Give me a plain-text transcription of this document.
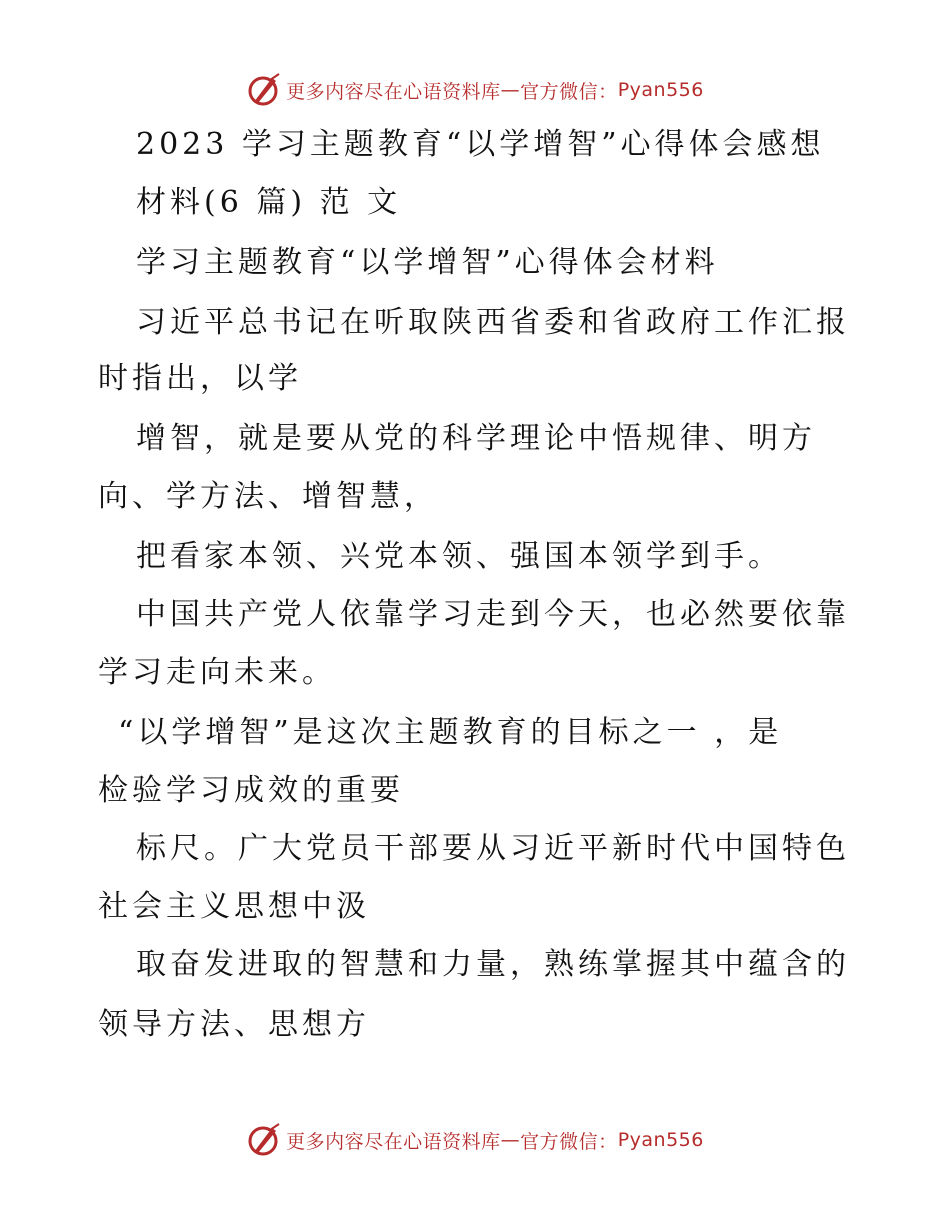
更多内容尽在心语资料库 — 官方微信： Pyan556
2023 学习主题教育“以学增智”心得体会感想
材料(6 篇) 范 文
学习主题教育“以学增智”心得体会材料
习近平总书记在听取陕西省委和省政府工作汇报
时指出，以学
增智，就是要从党的科学理论中悟规律、明方
向、学方法、增智慧，
把看家本领、兴党本领、强国本领学到手。
中国共产党人依靠学习走到今天，也必然要依靠
学习走向未来。
“以学增智”是这次主题教育的目标之一 ，是
检验学习成效的重要
标尺。广大党员干部要从习近平新时代中国特色
社会主义思想中汲
取奋发进取的智慧和力量，熟练掌握其中蕴含的
领导方法、思想方
更多内容尽在心语资料库 — 官方微信： Pyan556
